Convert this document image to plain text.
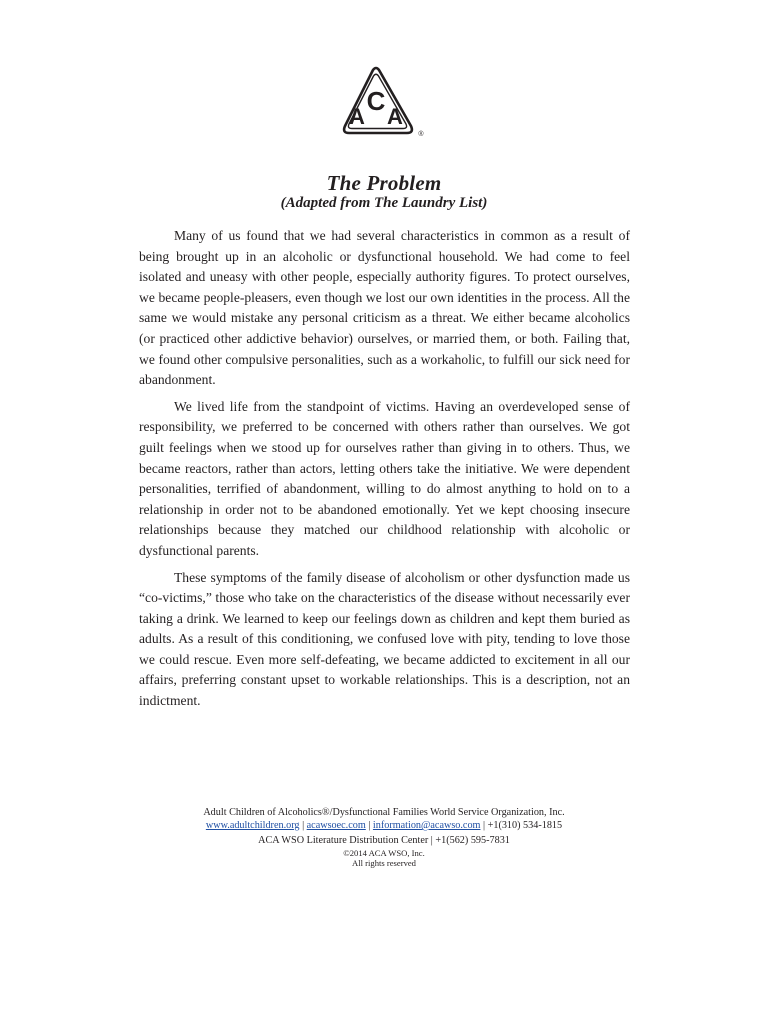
A
C
A
®
The Problem
(Adapted from The Laundry List)

Many of us found that we had several characteristics in common as a result of being brought up in an alcoholic or dysfunctional household. We had come to feel isolated and uneasy with other people, especially authority figures. To protect ourselves, we became people-pleasers, even though we lost our own identities in the process. All the same we would mistake any personal criticism as a threat. We either became alcoholics (or practiced other addictive behavior) ourselves, or married them, or both. Failing that, we found other compulsive personalities, such as a workaholic, to fulfill our sick need for abandonment.

We lived life from the standpoint of victims. Having an overdeveloped sense of responsibility, we preferred to be concerned with others rather than ourselves. We got guilt feelings when we stood up for ourselves rather than giving in to others. Thus, we became reactors, rather than actors, letting others take the initiative. We were dependent personalities, terrified of abandonment, willing to do almost anything to hold on to a relationship in order not to be abandoned emotionally. Yet we kept choosing insecure relationships because they matched our childhood relationship with alcoholic or dysfunctional parents.

These symptoms of the family disease of alcoholism or other dysfunction made us “co-victims,” those who take on the characteristics of the disease without necessarily ever taking a drink. We learned to keep our feelings down as children and kept them buried as adults. As a result of this conditioning, we confused love with pity, tending to love those we could rescue. Even more self-defeating, we became addicted to excitement in all our affairs, preferring constant upset to workable relationships. This is a description, not an indictment.

Adult Children of Alcoholics®/Dysfunctional Families World Service Organization, Inc.
www.adultchildren.org | acawsoec.com | information@acawso.com | +1(310) 534-1815
ACA WSO Literature Distribution Center | +1(562) 595-7831
©2014 ACA WSO, Inc.
All rights reserved
